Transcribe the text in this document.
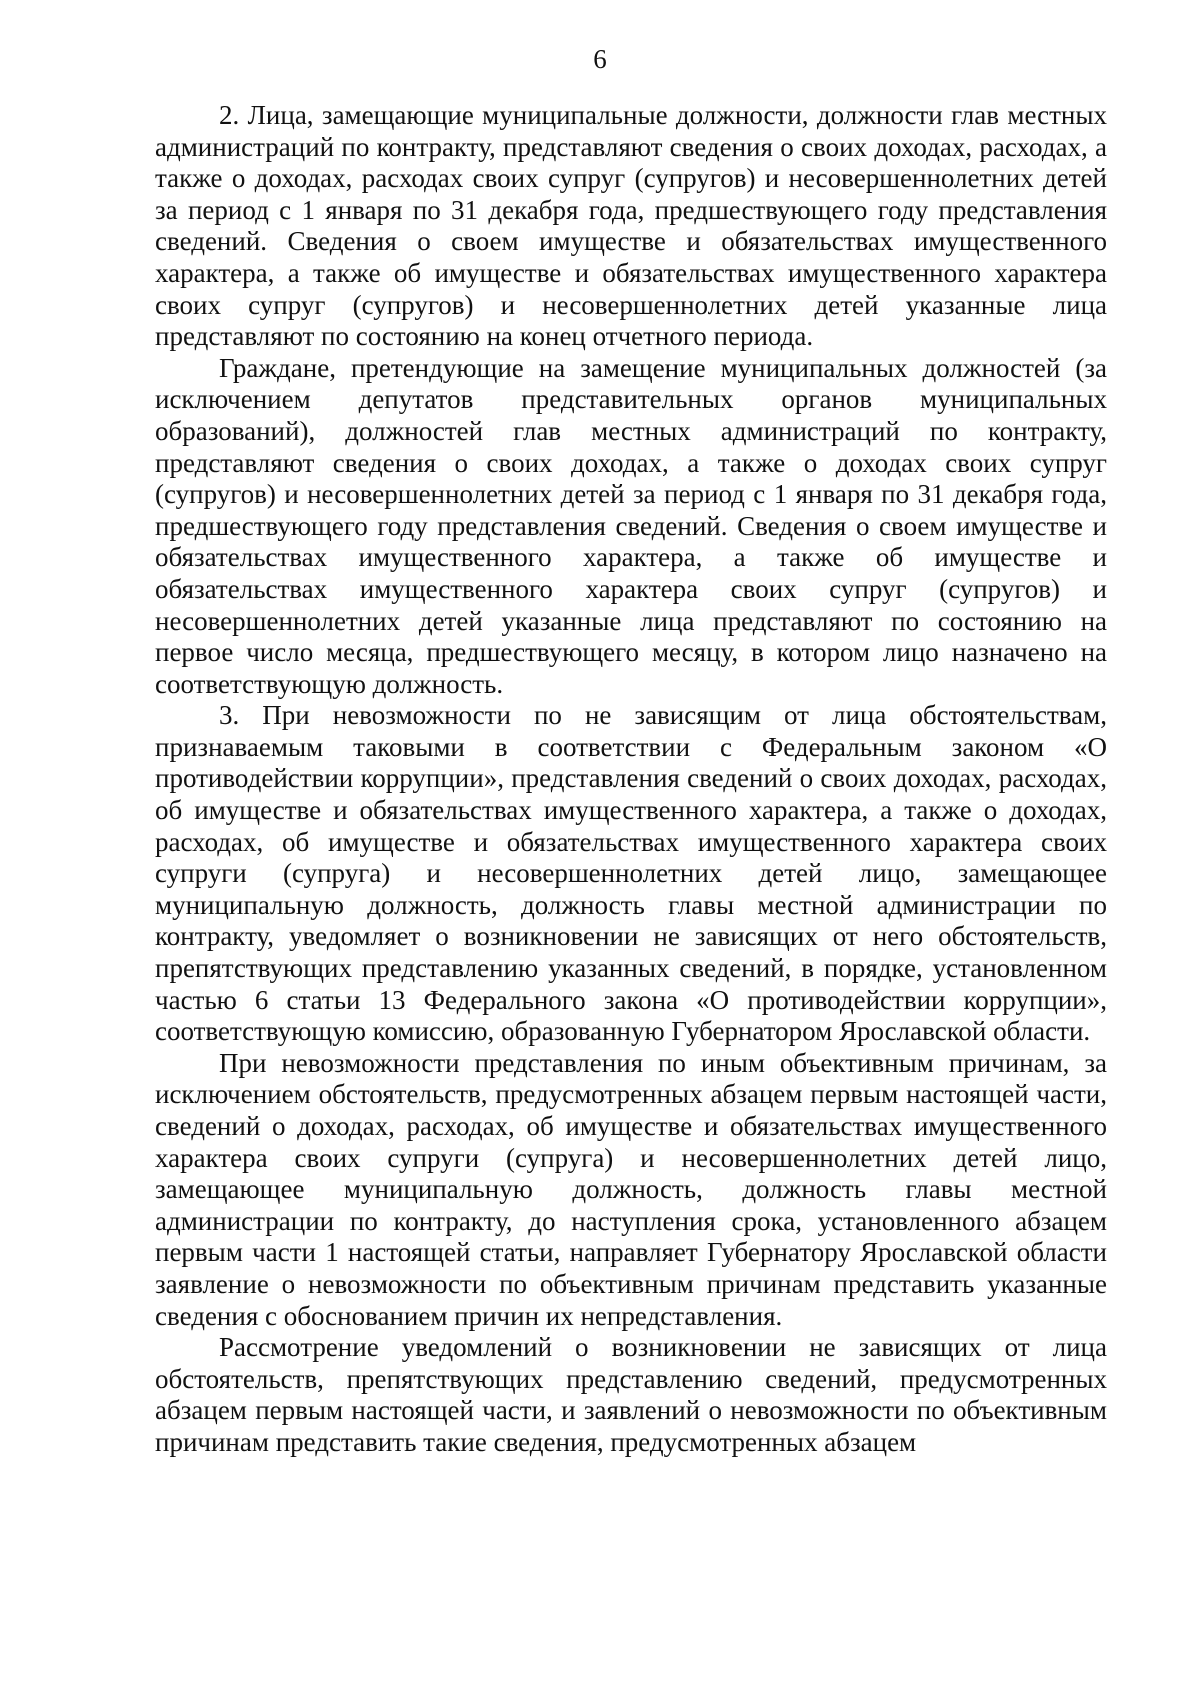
6

2. Лица, замещающие муниципальные должности, должности глав местных администраций по контракту, представляют сведения о своих доходах, расходах, а также о доходах, расходах своих супруг (супругов) и несовершеннолетних детей за период с 1 января по 31 декабря года, предшествующего году представления сведений. Сведения о своем имуществе и обязательствах имущественного характера, а также об имуществе и обязательствах имущественного характера своих супруг (супругов) и несовершеннолетних детей указанные лица представляют по состоянию на конец отчетного периода.

Граждане, претендующие на замещение муниципальных должностей (за исключением депутатов представительных органов муниципальных образований), должностей глав местных администраций по контракту, представляют сведения о своих доходах, а также о доходах своих супруг (супругов) и несовершеннолетних детей за период с 1 января по 31 декабря года, предшествующего году представления сведений. Сведения о своем имуществе и обязательствах имущественного характера, а также об имуществе и обязательствах имущественного характера своих супруг (супругов) и несовершеннолетних детей указанные лица представляют по состоянию на первое число месяца, предшествующего месяцу, в котором лицо назначено на соответствующую должность.

3. При невозможности по не зависящим от лица обстоятельствам, признаваемым таковыми в соответствии с Федеральным законом «О противодействии коррупции», представления сведений о своих доходах, расходах, об имуществе и обязательствах имущественного характера, а также о доходах, расходах, об имуществе и обязательствах имущественного характера своих супруги (супруга) и несовершеннолетних детей лицо, замещающее муниципальную должность, должность главы местной администрации по контракту, уведомляет о возникновении не зависящих от него обстоятельств, препятствующих представлению указанных сведений, в порядке, установленном частью 6 статьи 13 Федерального закона «О противодействии коррупции», соответствующую комиссию, образованную Губернатором Ярославской области.

При невозможности представления по иным объективным причинам, за исключением обстоятельств, предусмотренных абзацем первым настоящей части, сведений о доходах, расходах, об имуществе и обязательствах имущественного характера своих супруги (супруга) и несовершеннолетних детей лицо, замещающее муниципальную должность, должность главы местной администрации по контракту, до наступления срока, установленного абзацем первым части 1 настоящей статьи, направляет Губернатору Ярославской области заявление о невозможности по объективным причинам представить указанные сведения с обоснованием причин их непредставления.

Рассмотрение уведомлений о возникновении не зависящих от лица обстоятельств, препятствующих представлению сведений, предусмотренных абзацем первым настоящей части, и заявлений о невозможности по объективным причинам представить такие сведения, предусмотренных абзацем
